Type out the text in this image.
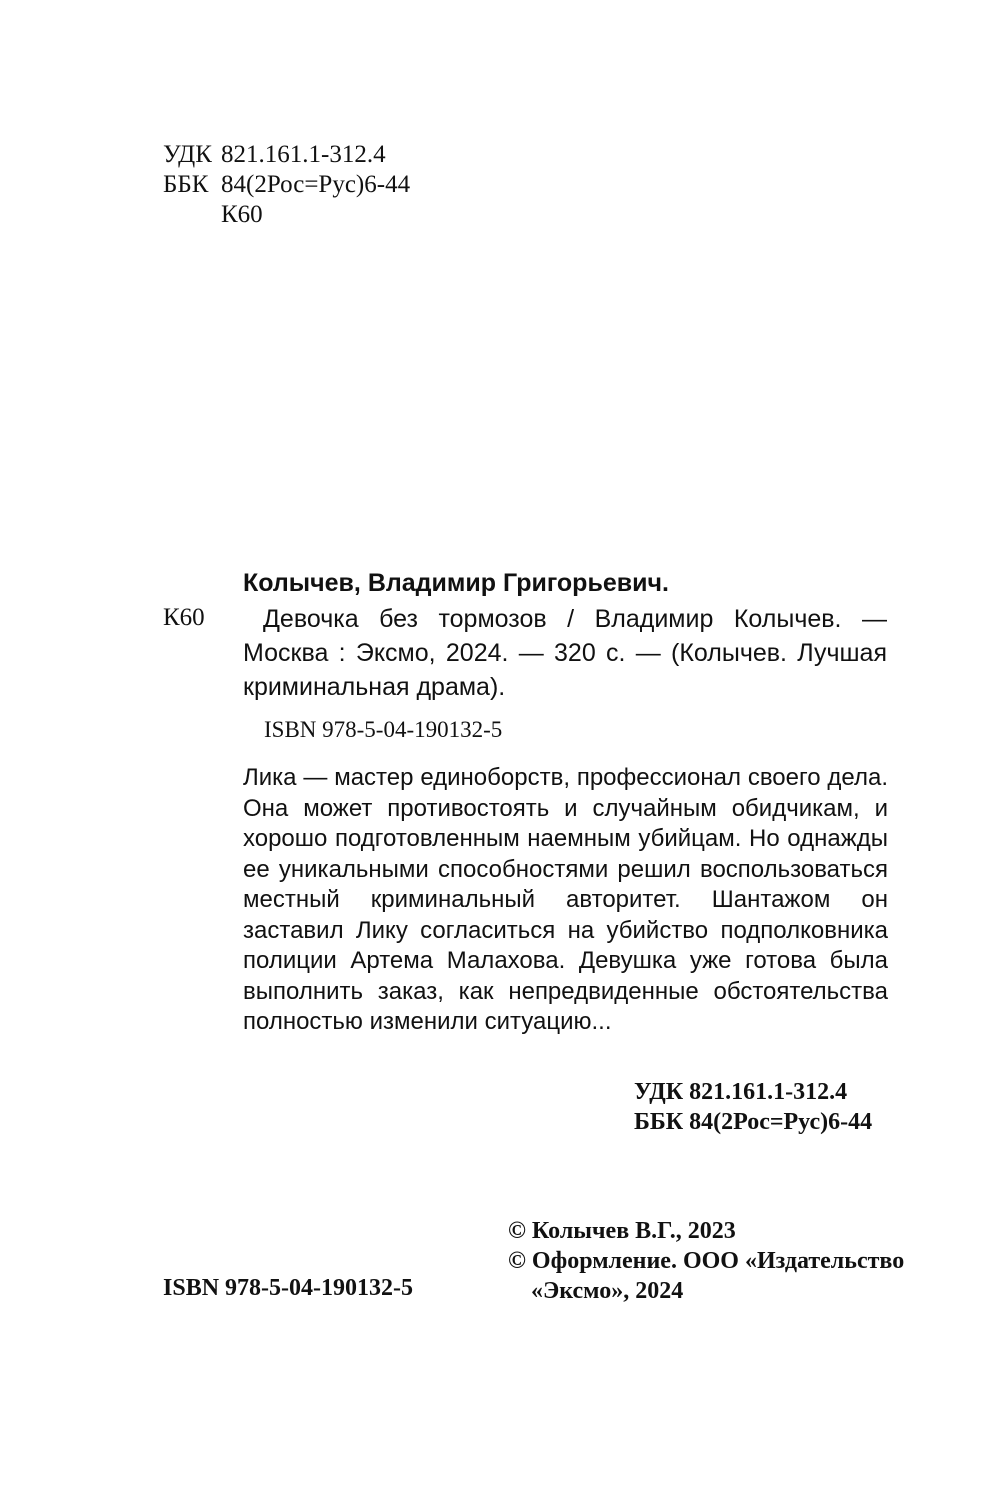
УДК 821.161.1-312.4
ББК 84(2Рос=Рус)6-44
К60
Колычев, Владимир Григорьевич.
К60	Девочка без тормозов / Владимир Колычев. —
Москва : Эксмо, 2024. — 320 с. — (Колычев. Лучшая
криминальная драма).
ISBN 978-5-04-190132-5

Лика — мастер единоборств, профессионал своего дела. Она может противостоять и случайным обидчикам, и хорошо подготовленным наемным убийцам. Но однажды ее уникальными способностями решил воспользоваться местный криминальный авторитет. Шантажом он заставил Лику согласиться на убийство подполковника полиции Артема Малахова. Девушка уже готова была выполнить заказ, как непредвиденные обстоятельства полностью изменили ситуацию...

УДК 821.161.1-312.4
ББК 84(2Рос=Рус)6-44
© Колычев В.Г., 2023
© Оформление. ООО «Издательство
«Эксмо», 2024
ISBN 978-5-04-190132-5
